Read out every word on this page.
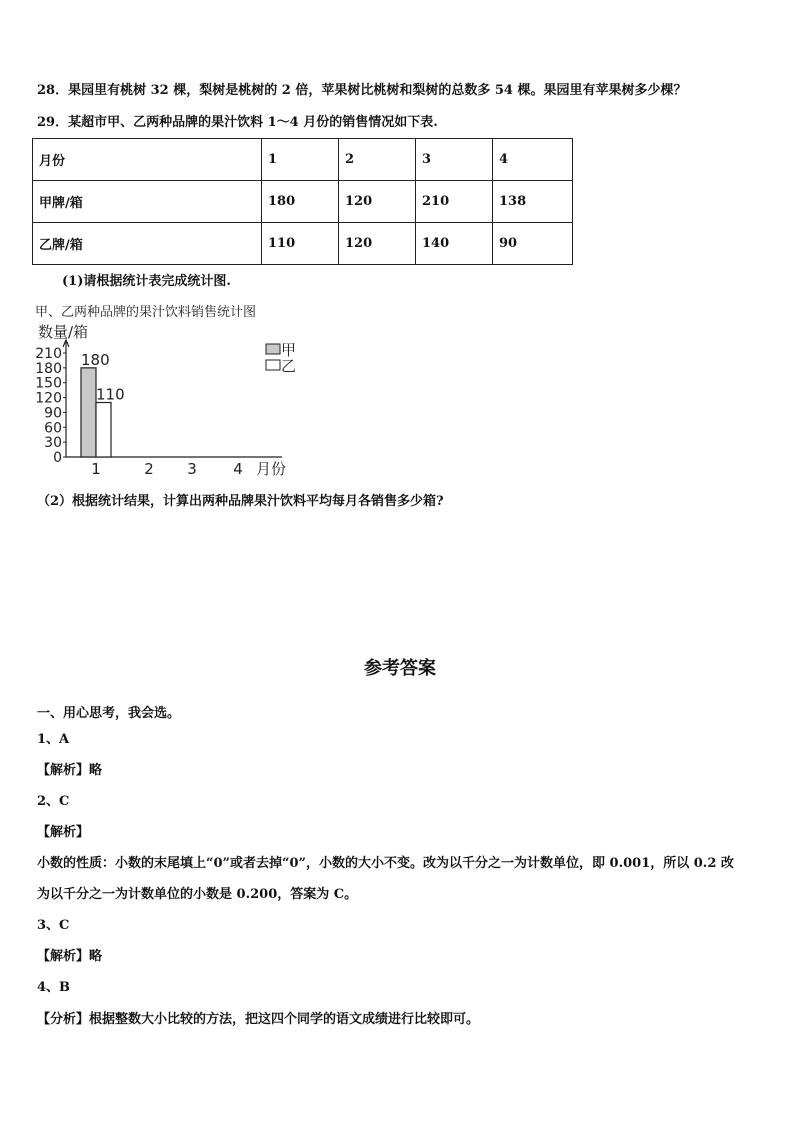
28．果园里有桃树 32 棵，梨树是桃树的 2 倍，苹果树比桃树和梨树的总数多 54 棵。果园里有苹果树多少棵？
29．某超市甲、乙两种品牌的果汁饮料 1～4 月份的销售情况如下表.
月份	1	2	3	4
甲牌/箱	180	120	210	138
乙牌/箱	110	120	140	90
(1)请根据统计表完成统计图.
甲、乙两种品牌的果汁饮料销售统计图
数量/箱
0
30
60
90
120
150
180
210
1	2 3 4 月份
180
110
甲
乙
（2）根据统计结果，计算出两种品牌果汁饮料平均每月各销售多少箱?
参考答案
一、用心思考，我会选。
1、A
【解析】略
2、C
【解析】
小数的性质：小数的末尾填上“0”或者去掉“0”，小数的大小不变。改为以千分之一为计数单位，即 0.001，所以 0.2 改
为以千分之一为计数单位的小数是 0.200，答案为 C。
3、C
【解析】略
4、B
【分析】根据整数大小比较的方法，把这四个同学的语文成绩进行比较即可。
